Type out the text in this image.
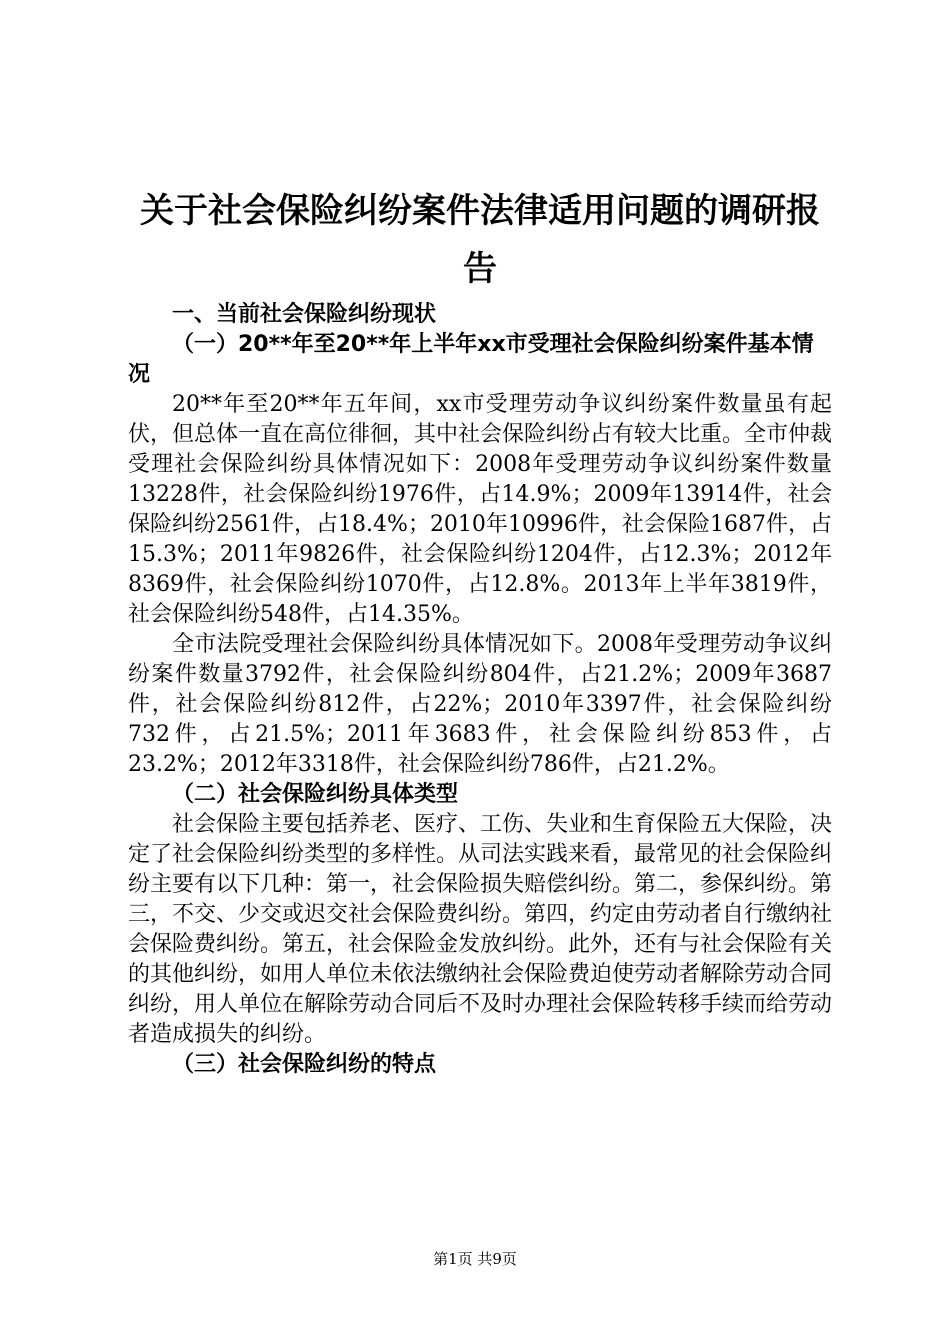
关于社会保险纠纷案件法律适用问题的调研报告

一、当前社会保险纠纷现状

（一）20**年至20**年上半年xx市受理社会保险纠纷案件基本情况

20**年至20**年五年间，xx市受理劳动争议纠纷案件数量虽有起伏，但总体一直在高位徘徊，其中社会保险纠纷占有较大比重。全市仲裁受理社会保险纠纷具体情况如下：2008年受理劳动争议纠纷案件数量13228件，社会保险纠纷1976件，占14.9%；2009年13914件，社会保险纠纷2561件，占18.4%；2010年10996件，社会保险1687件，占15.3%；2011年9826件，社会保险纠纷1204件，占12.3%；2012年8369件，社会保险纠纷1070件，占12.8%。2013年上半年3819件，社会保险纠纷548件，占14.35%。

全市法院受理社会保险纠纷具体情况如下。2008年受理劳动争议纠纷案件数量3792件，社会保险纠纷804件，占21.2%；2009年3687件，社会保险纠纷812件，占22%；2010年3397件，社会保险纠纷732件，占21.5%；2011年3683件，社会保险纠纷853件，占23.2%；2012年3318件，社会保险纠纷786件，占21.2%。

（二）社会保险纠纷具体类型

社会保险主要包括养老、医疗、工伤、失业和生育保险五大保险，决定了社会保险纠纷类型的多样性。从司法实践来看，最常见的社会保险纠纷主要有以下几种：第一，社会保险损失赔偿纠纷。第二，参保纠纷。第三，不交、少交或迟交社会保险费纠纷。第四，约定由劳动者自行缴纳社会保险费纠纷。第五，社会保险金发放纠纷。此外，还有与社会保险有关的其他纠纷，如用人单位未依法缴纳社会保险费迫使劳动者解除劳动合同纠纷，用人单位在解除劳动合同后不及时办理社会保险转移手续而给劳动者造成损失的纠纷。

（三）社会保险纠纷的特点

第1页 共9页
